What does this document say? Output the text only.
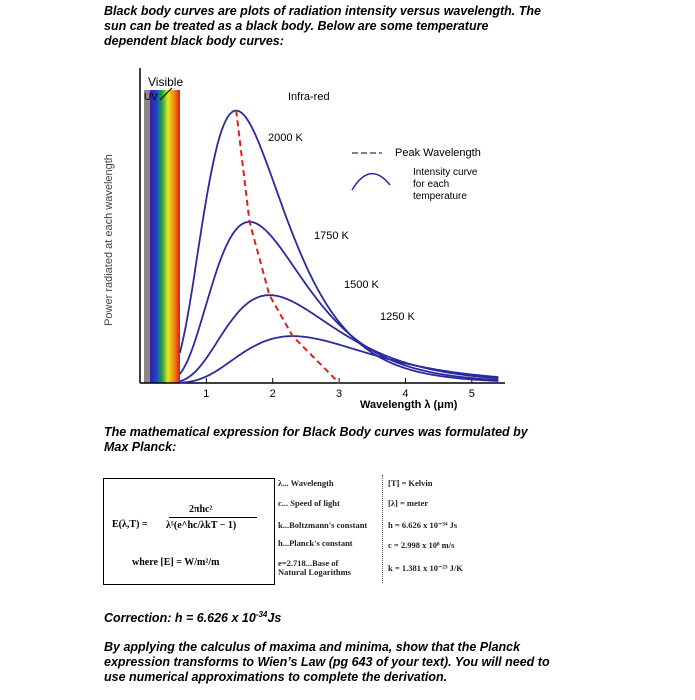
Black body curves are plots of radiation intensity versus wavelength. The
sun can be treated as a black body. Below are some temperature
dependent black body curves:
1	2	3	4	5
Power radiated at each wavelength
Visible
UV	Infra-red
2000 K
1750 K
1500 K
1250 K
Peak Wavelength
Intensity curve
for each
temperature
Wavelength λ (μm)
The mathematical expression for Black Body curves was formulated by
Max Planck:
E(λ,T) =
2πhc²
λ⁵(e^hc/λkT − 1)
where [E] = W/m²/m
λ... Wavelength
c... Speed of light
k...Boltzmann's constant
h...Planck's constant
e=2.718...Base of
Natural Logarithms
[T] = Kelvin
[λ] = meter
h = 6.626 x 10⁻³⁴ Js
c = 2.998 x 10⁸ m/s
k = 1.381 x 10⁻²³ J/K
Correction: h = 6.626 x $10^{-34}Js$
By applying the calculus of maxima and minima, show that the Planck
expression transforms to Wien’s Law (pg 643 of your text). You will need to
use numerical approximations to complete the derivation.
